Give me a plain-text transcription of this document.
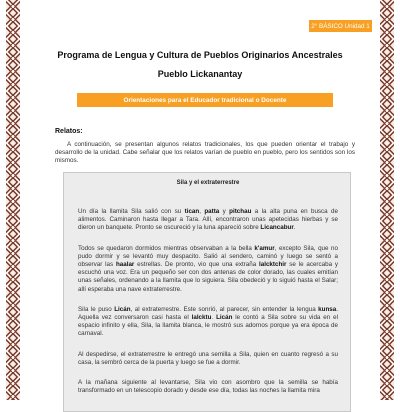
2° BÁSICO Unidad 1
Programa de Lengua y Cultura de Pueblos Originarios Ancestrales
Pueblo Lickanantay
Orientaciones para el Educador tradicional o Docente
Relatos:
A continuación, se presentan algunos relatos tradicionales, los que pueden orientar el trabajo y desarrollo de la unidad. Cabe señalar que los relatos varían de pueblo en pueblo, pero los sentidos son los mismos.
Sila y el extraterrestre

Un día la llamita Sila salió con su tican, patta y pitchau a la alta puna en busca de alimentos. Caminaron hasta llegar a Tara. Allí, encontraron unas apetecidas hierbas y se dieron un banquete. Pronto se oscureció y la luna apareció sobre Licancabur.

Todos se quedaron dormidos mientras observaban a la bella k'amur, excepto Sila, que no pudo dormir y se levantó muy despacito. Salió al sendero, caminó y luego se sentó a observar las haalar estrellas. De pronto, vio que una extraña lalcktchir se le acercaba y escuchó una voz. Era un pequeño ser con dos antenas de color dorado, las cuales emitían unas señales, ordenando a la llamita que lo siguiera. Sila obedeció y lo siguió hasta el Salar; allí esperaba una nave extraterrestre.

Sila le puso Licán, al extraterrestre. Este sonrió, al parecer, sin entender la lengua kunsa. Aquella vez conversaron casi hasta el lalcktu. Licán le contó a Sila sobre su vida en el espacio infinito y ella, Sila, la llamita blanca, le mostró sus adornos porque ya era época de carnaval.

Al despedirse, el extraterrestre le entregó una semilla a Sila, quien en cuanto regresó a su casa, la sembró cerca de la puerta y luego se fue a dormir.

A la mañana siguiente al levantarse, Sila vio con asombro que la semilla se había transformado en un telescopio dorado y desde ese día, todas las noches la llamita mira
